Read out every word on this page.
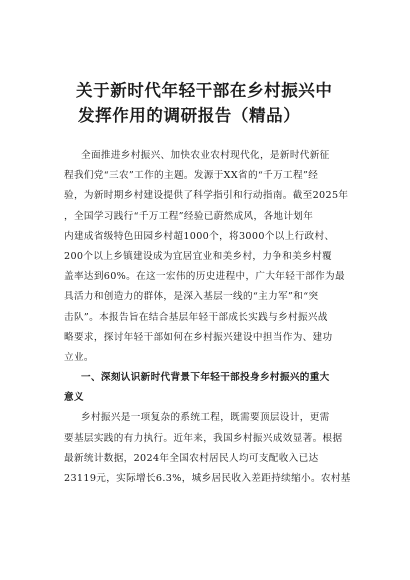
关于新时代年轻干部在乡村振兴中
发挥作用的调研报告（精品）
全面推进乡村振兴、加快农业农村现代化，是新时代新征
程我们党“三农”工作的主题。发源于XX省的“千万工程”经
验，为新时期乡村建设提供了科学指引和行动指南。截至2025年
，全国学习践行“千万工程”经验已蔚然成风，各地计划年
内建成省级特色田园乡村超1000个，将3000个以上行政村、
200个以上乡镇建设成为宜居宜业和美乡村，力争和美乡村覆
盖率达到60%。在这一宏伟的历史进程中，广大年轻干部作为最
具活力和创造力的群体，是深入基层一线的“主力军”和“突
击队”。本报告旨在结合基层年轻干部成长实践与乡村振兴战
略要求，探讨年轻干部如何在乡村振兴建设中担当作为、建功
立业。
一、深刻认识新时代背景下年轻干部投身乡村振兴的重大
意义
乡村振兴是一项复杂的系统工程，既需要顶层设计，更需
要基层实践的有力执行。近年来，我国乡村振兴成效显著。根据
最新统计数据，2024年全国农村居民人均可支配收入已达
23119元，实际增长6.3%，城乡居民收入差距持续缩小。农村基
